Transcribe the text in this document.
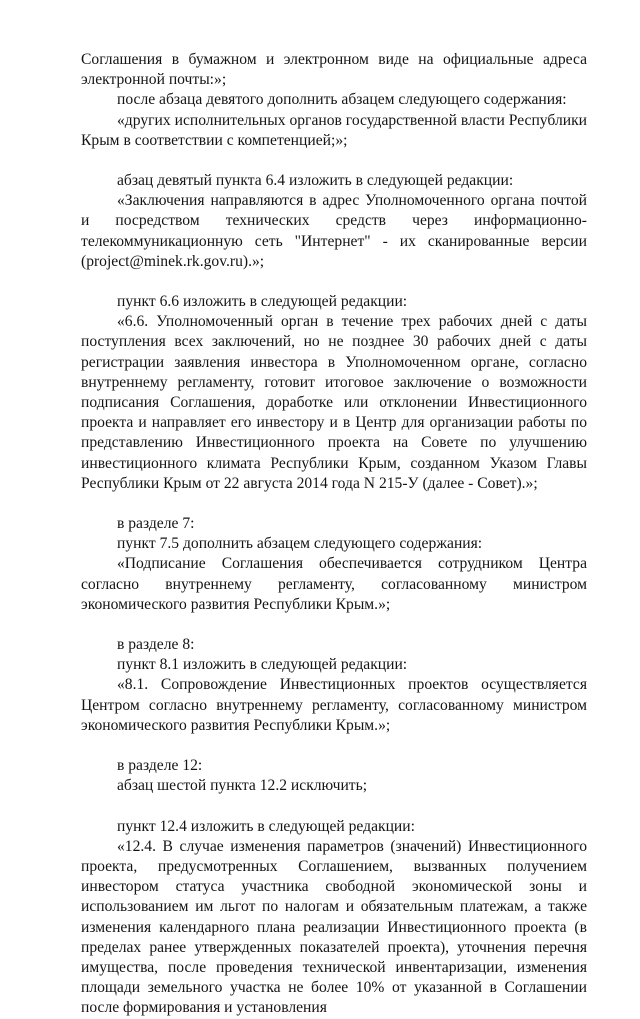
Соглашения в бумажном и электронном виде на официальные адреса электронной почты:»;

после абзаца девятого дополнить абзацем следующего содержания:

«других исполнительных органов государственной власти Республики Крым в соответствии с компетенцией;»;

абзац девятый пункта 6.4 изложить в следующей редакции:

«Заключения направляются в адрес Уполномоченного органа почтой и посредством технических средств через информационно-телекоммуникационную сеть "Интернет" - их сканированные версии (project@minek.rk.gov.ru).»;

пункт 6.6 изложить в следующей редакции:

«6.6. Уполномоченный орган в течение трех рабочих дней с даты поступления всех заключений, но не позднее 30 рабочих дней с даты регистрации заявления инвестора в Уполномоченном органе, согласно внутреннему регламенту, готовит итоговое заключение о возможности подписания Соглашения, доработке или отклонении Инвестиционного проекта и направляет его инвестору и в Центр для организации работы по представлению Инвестиционного проекта на Совете по улучшению инвестиционного климата Республики Крым, созданном Указом Главы Республики Крым от 22 августа 2014 года N 215-У (далее - Совет).»;

в разделе 7:

пункт 7.5 дополнить абзацем следующего содержания:

«Подписание Соглашения обеспечивается сотрудником Центра согласно внутреннему регламенту, согласованному министром экономического развития Республики Крым.»;

в разделе 8:

пункт 8.1 изложить в следующей редакции:

«8.1. Сопровождение Инвестиционных проектов осуществляется Центром согласно внутреннему регламенту, согласованному министром экономического развития Республики Крым.»;

в разделе 12:

абзац шестой пункта 12.2 исключить;

пункт 12.4 изложить в следующей редакции:

«12.4. В случае изменения параметров (значений) Инвестиционного проекта, предусмотренных Соглашением, вызванных получением инвестором статуса участника свободной экономической зоны и использованием им льгот по налогам и обязательным платежам, а также изменения календарного плана реализации Инвестиционного проекта (в пределах ранее утвержденных показателей проекта), уточнения перечня имущества, после проведения технической инвентаризации, изменения площади земельного участка не более 10% от указанной в Соглашении после формирования и установления
